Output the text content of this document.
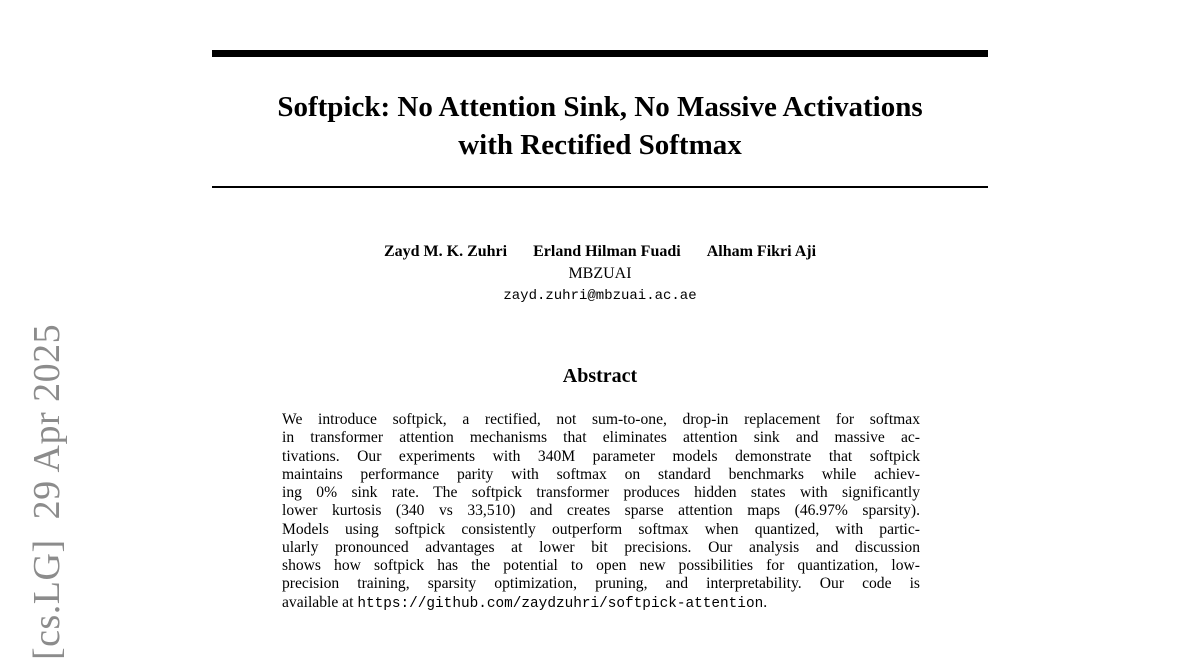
Softpick: No Attention Sink, No Massive Activations
with Rectified Softmax
Zayd M. K. Zuhri Erland Hilman Fuadi Alham Fikri Aji
MBZUAI
zayd.zuhri@mbzuai.ac.ae
Abstract
We introduce softpick, a rectified, not sum-to-one, drop-in replacement for softmax
in transformer attention mechanisms that eliminates attention sink and massive ac-
tivations. Our experiments with 340M parameter models demonstrate that softpick
maintains performance parity with softmax on standard benchmarks while achiev-
ing 0% sink rate. The softpick transformer produces hidden states with significantly
lower kurtosis (340 vs 33,510) and creates sparse attention maps (46.97% sparsity).
Models using softpick consistently outperform softmax when quantized, with partic-
ularly pronounced advantages at lower bit precisions. Our analysis and discussion
shows how softpick has the potential to open new possibilities for quantization, low-
precision training, sparsity optimization, pruning, and interpretability. Our code is
available at https://github.com/zaydzuhri/softpick-attention.
[cs.LG]  29 Apr 2025
